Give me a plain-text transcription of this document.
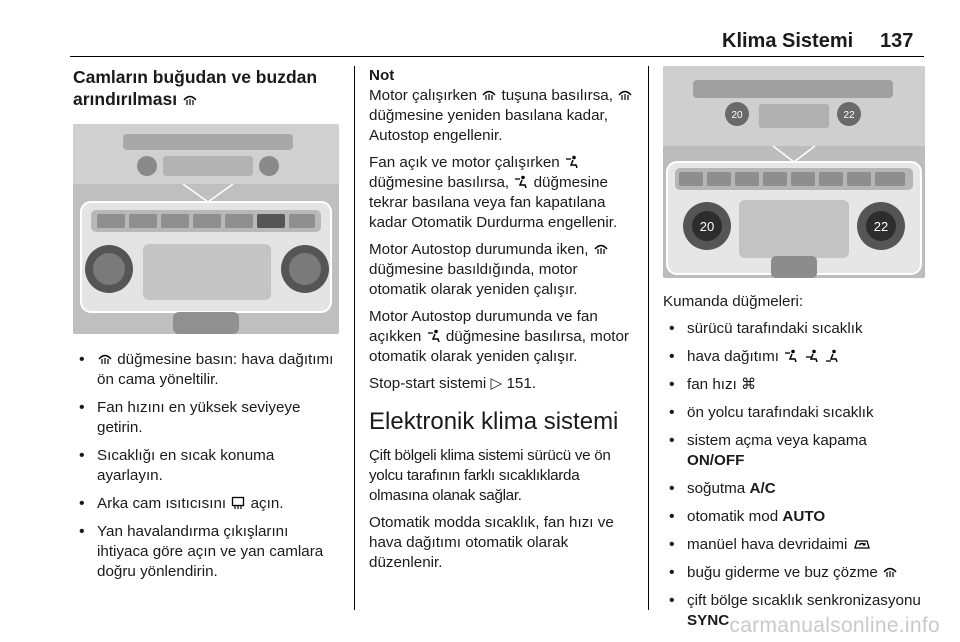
Klima Sistemi 137
Camların buğudan ve buzdan arındırılması
• düğmesine basın: hava dağıtımı ön cama yöneltilir.
• Fan hızını en yüksek seviyeye getirin.
• Sıcaklığı en sıcak konuma ayarlayın.
• Arka cam ısıtıcısını açın.
• Yan havalandırma çıkışlarını ihtiyaca göre açın ve yan camlara doğru yönlendirin.
Not

Motor çalışırken tuşuna basılırsa,
düğmesine yeniden basılana kadar, Autostop engellenir.

Fan açık ve motor çalışırken
düğmesine basılırsa, düğmesine tekrar basılana veya fan kapatılana kadar Otomatik Durdurma engellenir.

Motor Autostop durumunda iken,
düğmesine basıldığında, motor otomatik olarak yeniden çalışır.

Motor Autostop durumunda ve fan açıkken düğmesine basılırsa, motor otomatik olarak yeniden çalışır.

Stop-start sistemi ▷ 151.

Elektronik klima sistemi

Çift bölgeli klima sistemi sürücü ve ön yolcu tarafının farklı sıcaklıklarda olmasına olanak sağlar.

Otomatik modda sıcaklık, fan hızı ve hava dağıtımı otomatik olarak düzenlenir.

20	22
20	22
Kumanda düğmeleri:
• sürücü tarafındaki sıcaklık
• hava dağıtımı

• fan hızı ⌘
• ön yolcu tarafındaki sıcaklık
• sistem açma veya kapama
ON/OFF
• soğutma A/C
• otomatik mod AUTO
• manüel hava devridaimi
• buğu giderme ve buz çözme
• çift bölge sıcaklık senkronizasyonu SYNC carmanualsonline.info
